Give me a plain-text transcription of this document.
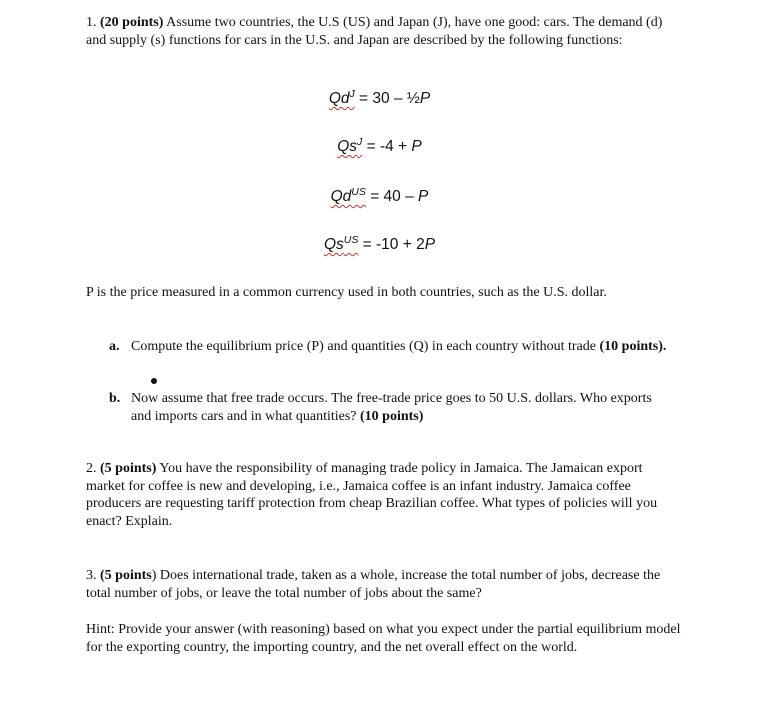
1. (20 points) Assume two countries, the U.S (US) and Japan (J), have one good: cars. The demand (d) and supply (s) functions for cars in the U.S. and Japan are described by the following functions:

$Qd^J = 30$ – ½P
$Qs^J = -4 + P$
$Qd^{US} = 40 - P$
$Qs^{US} = -10 + 2P$

P is the price measured in a common currency used in both countries, such as the U.S. dollar.

a. Compute the equilibrium price (P) and quantities (Q) in each country without trade (10 points).
b. Now assume that free trade occurs. The free-trade price goes to 50 U.S. dollars. Who exports and imports cars and in what quantities? (10 points)

2. (5 points) You have the responsibility of managing trade policy in Jamaica. The Jamaican export market for coffee is new and developing, i.e., Jamaica coffee is an infant industry. Jamaica coffee producers are requesting tariff protection from cheap Brazilian coffee. What types of policies will you enact? Explain.

3. (5 points) Does international trade, taken as a whole, increase the total number of jobs, decrease the total number of jobs, or leave the total number of jobs about the same?

Hint: Provide your answer (with reasoning) based on what you expect under the partial equilibrium model for the exporting country, the importing country, and the net overall effect on the world.
